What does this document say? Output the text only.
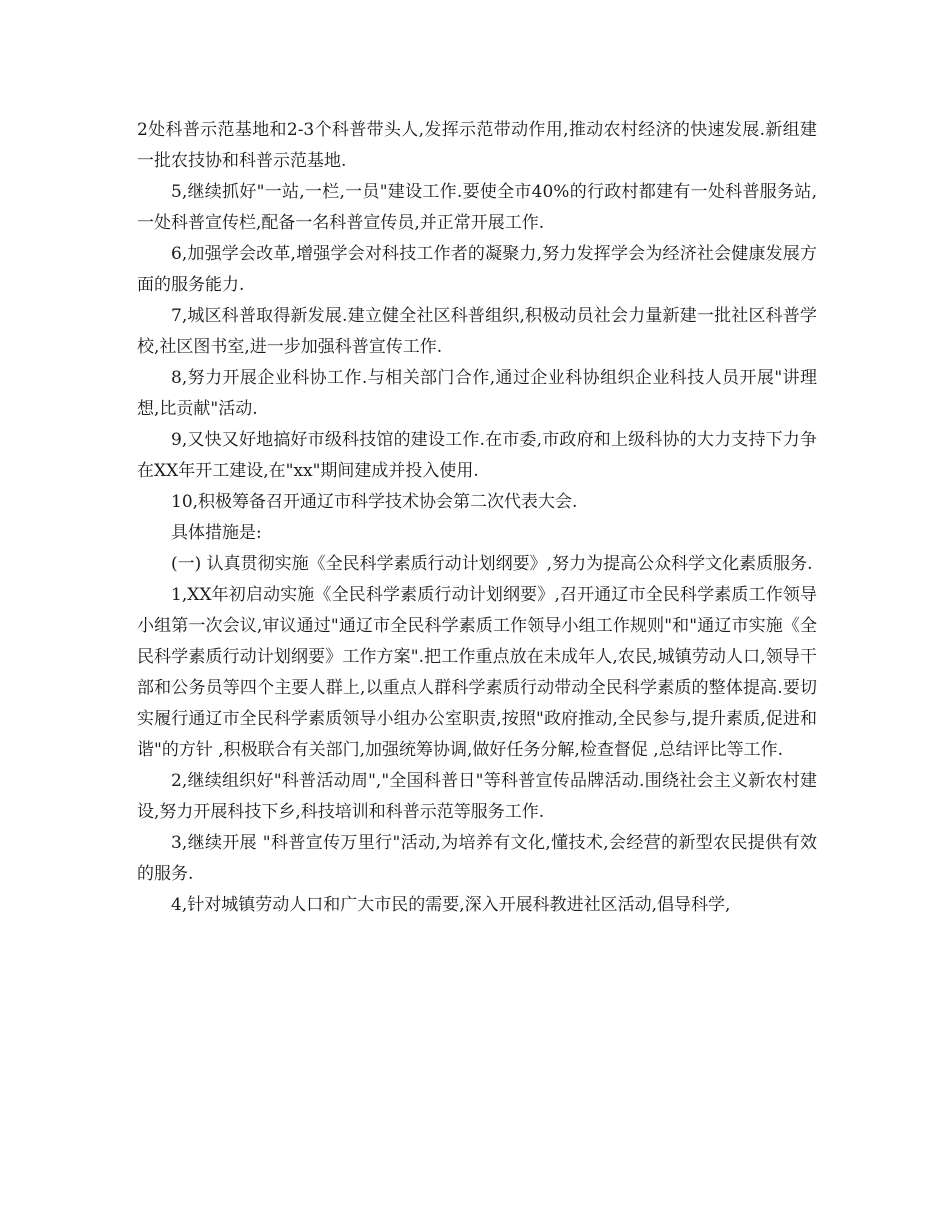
2处科普示范基地和2-3个科普带头人,发挥示范带动作用,推动农村经济的快速发展.新组建一批农技协和科普示范基地.

5,继续抓好"一站,一栏,一员"建设工作.要使全市40%的行政村都建有一处科普服务站,一处科普宣传栏,配备一名科普宣传员,并正常开展工作.

6,加强学会改革,增强学会对科技工作者的凝聚力,努力发挥学会为经济社会健康发展方面的服务能力.

7,城区科普取得新发展.建立健全社区科普组织,积极动员社会力量新建一批社区科普学校,社区图书室,进一步加强科普宣传工作.

8,努力开展企业科协工作.与相关部门合作,通过企业科协组织企业科技人员开展"讲理想,比贡献"活动.

9,又快又好地搞好市级科技馆的建设工作.在市委,市政府和上级科协的大力支持下力争在XX年开工建设,在"xx"期间建成并投入使用.

10,积极筹备召开通辽市科学技术协会第二次代表大会.

具体措施是:

(一) 认真贯彻实施《全民科学素质行动计划纲要》,努力为提高公众科学文化素质服务.

1,XX年初启动实施《全民科学素质行动计划纲要》,召开通辽市全民科学素质工作领导小组第一次会议,审议通过"通辽市全民科学素质工作领导小组工作规则"和"通辽市实施《全民科学素质行动计划纲要》工作方案".把工作重点放在未成年人,农民,城镇劳动人口,领导干部和公务员等四个主要人群上,以重点人群科学素质行动带动全民科学素质的整体提高.要切实履行通辽市全民科学素质领导小组办公室职责,按照"政府推动,全民参与,提升素质,促进和谐"的方针 ,积极联合有关部门,加强统筹协调,做好任务分解,检查督促 ,总结评比等工作.

2,继续组织好"科普活动周","全国科普日"等科普宣传品牌活动.围绕社会主义新农村建设,努力开展科技下乡,科技培训和科普示范等服务工作.

3,继续开展 "科普宣传万里行"活动,为培养有文化,懂技术,会经营的新型农民提供有效的服务.

4,针对城镇劳动人口和广大市民的需要,深入开展科教进社区活动,倡导科学,
